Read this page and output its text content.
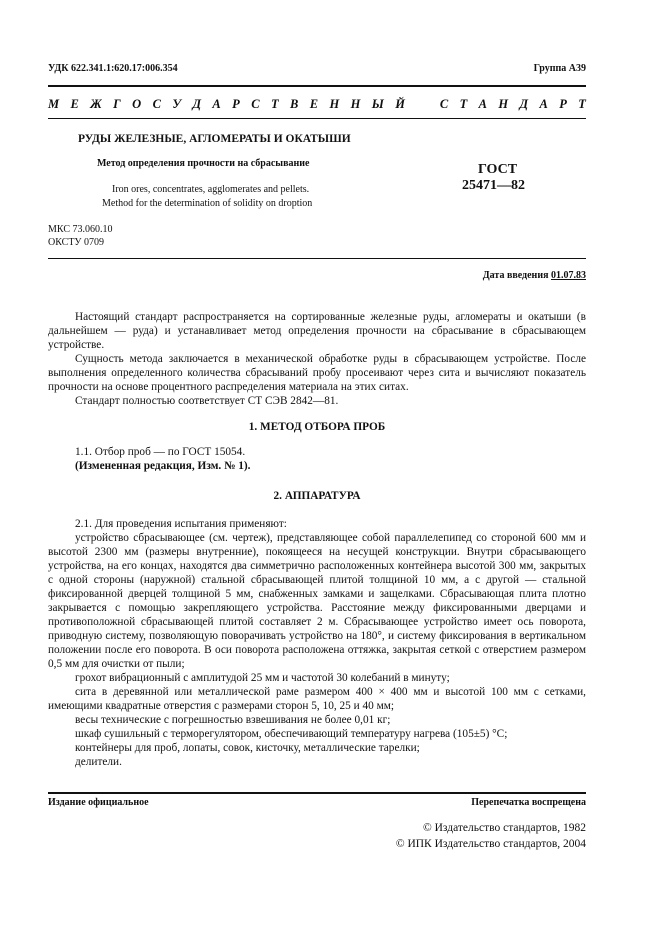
УДК 622.341.1:620.17:006.354	Группа А39
М Е Ж Г О С У Д А Р С Т В Е Н Н Ы Й	С Т А Н Д А Р Т
РУДЫ ЖЕЛЕЗНЫЕ, АГЛОМЕРАТЫ И ОКАТЫШИ
Метод определения прочности на сбрасывание
Iron ores, concentrates, agglomerates and pellets.
Method for the determination of solidity on droption
ГОСТ
25471—82
МКС 73.060.10
ОКСТУ 0709
Дата введения 01.07.83

Настоящий стандарт распространяется на сортированные железные руды, агломераты и окатыши (в дальнейшем — руда) и устанавливает метод определения прочности на сбрасывание в сбрасывающем устройстве.

Сущность метода заключается в механической обработке руды в сбрасывающем устройстве. После выполнения определенного количества сбрасываний пробу просеивают через сита и вычисляют показатель прочности на основе процентного распределения материала на этих ситах.

Стандарт полностью соответствует СТ СЭВ 2842—81.

1. МЕТОД ОТБОРА ПРОБ

1.1. Отбор проб — по ГОСТ 15054.

(Измененная редакция, Изм. № 1).

2. АППАРАТУРА

2.1. Для проведения испытания применяют:

устройство сбрасывающее (см. чертеж), представляющее собой параллелепипед со стороной 600 мм и высотой 2300 мм (размеры внутренние), покоящееся на несущей конструкции. Внутри сбрасывающего устройства, на его концах, находятся два симметрично расположенных контейнера высотой 300 мм, закрытых с одной стороны (наружной) стальной сбрасывающей плитой толщиной 10 мм, а с другой — стальной фиксированной дверцей толщиной 5 мм, снабженных замками и защелками. Сбрасывающая плита плотно закрывается с помощью закрепляющего устройства. Расстояние между фиксированными дверцами и противоположной сбрасывающей плитой составляет 2 м. Сбрасывающее устройство имеет ось поворота, приводную систему, позволяющую поворачивать устройство на 180°, и систему фиксирования в вертикальном положении после его поворота. В оси поворота расположена оттяжка, закрытая сеткой с отверстием размером 0,5 мм для очистки от пыли;

грохот вибрационный с амплитудой 25 мм и частотой 30 колебаний в минуту;

сита в деревянной или металлической раме размером 400 × 400 мм и высотой 100 мм с сетками, имеющими квадратные отверстия с размерами сторон 5, 10, 25 и 40 мм;

весы технические с погрешностью взвешивания не более 0,01 кг;

шкаф сушильный с терморегулятором, обеспечивающий температуру нагрева (105±5) °С;

контейнеры для проб, лопаты, совок, кисточку, металлические тарелки;

делители.

Издание официальное	Перепечатка воспрещена
© Издательство стандартов, 1982
© ИПК Издательство стандартов, 2004
